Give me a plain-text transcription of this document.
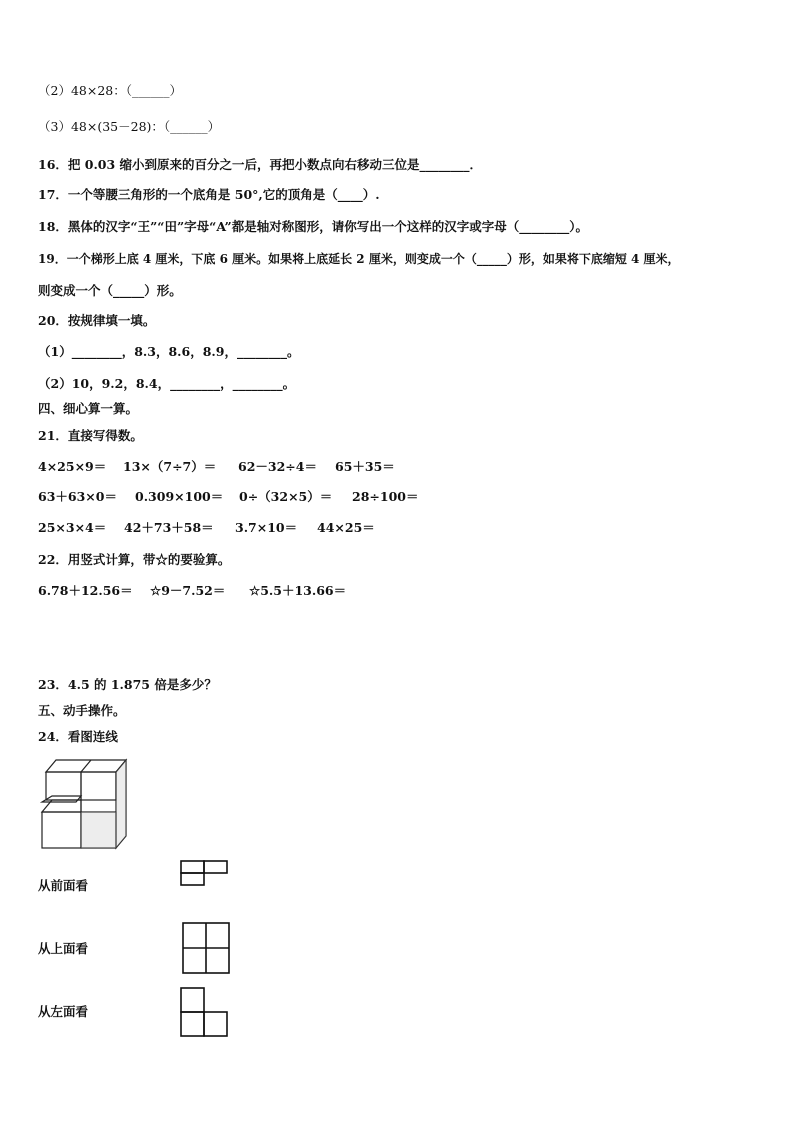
（2）48×28：（______）
（3）48×(35－28)：（______）
16．把 0.03 缩小到原来的百分之一后，再把小数点向右移动三位是________．
17．一个等腰三角形的一个底角是 50°,它的顶角是（____）.
18．黑体的汉字“王”“田”字母“A”都是轴对称图形，请你写出一个这样的汉字或字母（________）。
19．一个梯形上底 4 厘米，下底 6 厘米。如果将上底延长 2 厘米，则变成一个（_____）形，如果将下底缩短 4 厘米，
则变成一个（_____）形。
20．按规律填一填。
（1）________，8.3，8.6，8.9，________。
（2）10，9.2，8.4，________，________。
四、细心算一算。
21．直接写得数。
4×25×9＝ 13×（7÷7）＝ 62－32÷4＝ 65＋35＝
63＋63×0＝ 0.309×100＝ 0÷（32×5）＝ 28÷100＝
25×3×4＝ 42＋73＋58＝ 3.7×10＝ 44×25＝
22．用竖式计算，带☆的要验算。
6.78＋12.56＝ ☆9－7.52＝ ☆5.5＋13.66＝
23．4.5 的 1.875 倍是多少？
五、动手操作。
24．看图连线
从前面看
从上面看
从左面看
